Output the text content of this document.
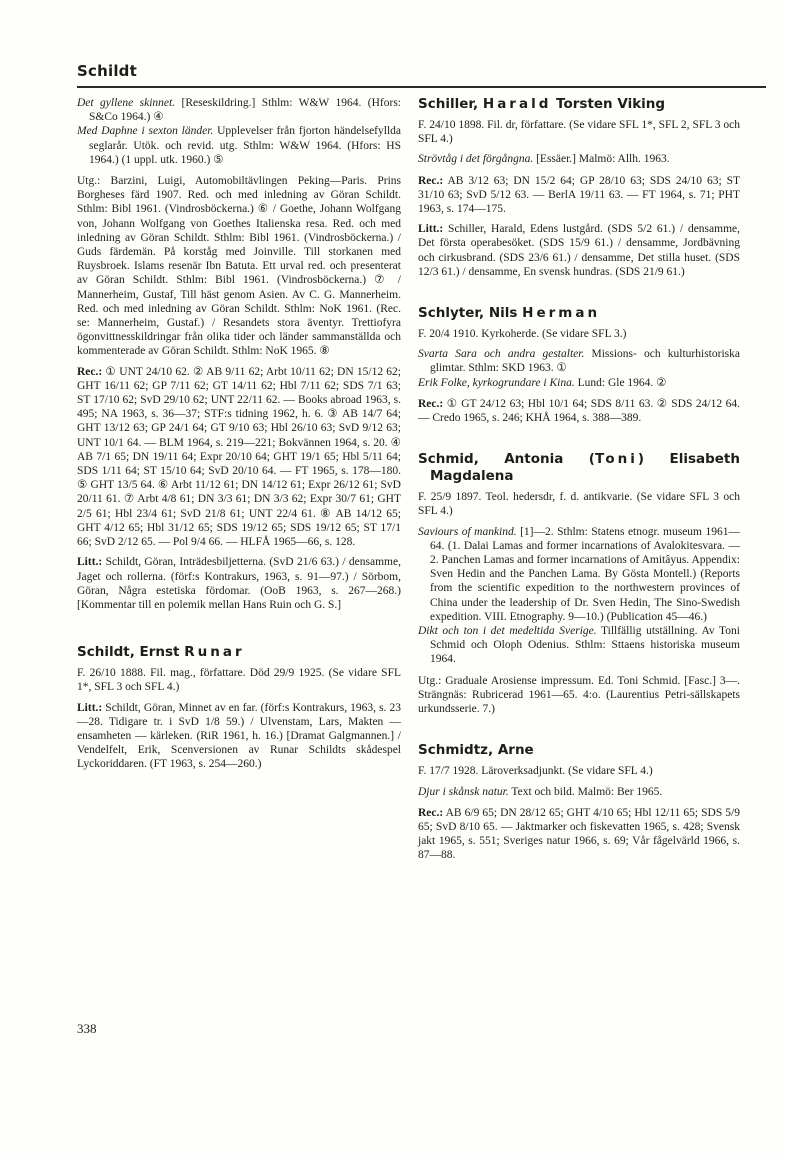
Schildt

Det gyllene skinnet. [Reseskildring.] Sthlm: W&W 1964. (Hfors: S&Co 1964.) ④

Med Daphne i sexton länder. Upplevelser från fjorton händelsefyllda seglarår. Utök. och revid. utg. Sthlm: W&W 1964. (Hfors: HS 1964.) (1 uppl. utk. 1960.) ⑤

Utg.: Barzini, Luigi, Automobiltävlingen Peking—Paris. Prins Borgheses färd 1907. Red. och med inledning av Göran Schildt. Sthlm: Bibl 1961. (Vindrosböckerna.) ⑥ / Goethe, Johann Wolfgang von, Johann Wolfgang von Goethes Italienska resa. Red. och med inledning av Göran Schildt. Sthlm: Bibl 1961. (Vindrosböckerna.) / Guds färdemän. På korståg med Joinville. Till storkanen med Ruysbroek. Islams resenär Ibn Batuta. Ett urval red. och presenterat av Göran Schildt. Sthlm: Bibl 1961. (Vindrosböckerna.) ⑦ / Mannerheim, Gustaf, Till häst genom Asien. Av C. G. Mannerheim. Red. och med inledning av Göran Schildt. Sthlm: NoK 1961. (Rec. se: Mannerheim, Gustaf.) / Resandets stora äventyr. Trettiofyra ögonvittnesskildringar från olika tider och länder sammanställda och kommenterade av Göran Schildt. Sthlm: NoK 1965. ⑧

Rec.: ① UNT 24/10 62. ② AB 9/11 62; Arbt 10/11 62; DN 15/12 62; GHT 16/11 62; GP 7/11 62; GT 14/11 62; Hbl 7/11 62; SDS 7/1 63; ST 17/10 62; SvD 29/10 62; UNT 22/11 62. — Books abroad 1963, s. 495; NA 1963, s. 36—37; STF:s tidning 1962, h. 6. ③ AB 14/7 64; GHT 13/12 63; GP 24/1 64; GT 9/10 63; Hbl 26/10 63; SvD 9/12 63; UNT 10/1 64. — BLM 1964, s. 219—221; Bokvännen 1964, s. 20. ④ AB 7/1 65; DN 19/11 64; Expr 20/10 64; GHT 19/1 65; Hbl 5/11 64; SDS 1/11 64; ST 15/10 64; SvD 20/10 64. — FT 1965, s. 178—180. ⑤ GHT 13/5 64. ⑥ Arbt 11/12 61; DN 14/12 61; Expr 26/12 61; SvD 20/11 61. ⑦ Arbt 4/8 61; DN 3/3 61; DN 3/3 62; Expr 30/7 61; GHT 2/5 61; Hbl 23/4 61; SvD 21/8 61; UNT 22/4 61. ⑧ AB 14/12 65; GHT 4/12 65; Hbl 31/12 65; SDS 19/12 65; SDS 19/12 65; ST 17/1 66; SvD 2/12 65. — Pol 9/4 66. — HLFÅ 1965—66, s. 128.

Litt.: Schildt, Göran, Inträdesbiljetterna. (SvD 21/6 63.) / densamme, Jaget och rollerna. (förf:s Kontrakurs, 1963, s. 91—97.) / Sörbom, Göran, Några estetiska fördomar. (OoB 1963, s. 267—268.) [Kommentar till en polemik mellan Hans Ruin och G. S.]

Schildt, Ernst Runar

F. 26/10 1888. Fil. mag., författare. Död 29/9 1925. (Se vidare SFL 1*, SFL 3 och SFL 4.)

Litt.: Schildt, Göran, Minnet av en far. (förf:s Kontrakurs, 1963, s. 23—28. Tidigare tr. i SvD 1/8 59.) / Ulvenstam, Lars, Makten — ensamheten — kärleken. (RiR 1961, h. 16.) [Dramat Galgmannen.] / Vendelfelt, Erik, Scenversionen av Runar Schildts skådespel Lyckoriddaren. (FT 1963, s. 254—260.)

Schiller, Harald Torsten Viking

F. 24/10 1898. Fil. dr, författare. (Se vidare SFL 1*, SFL 2, SFL 3 och SFL 4.)

Strövtåg i det förgångna. [Essäer.] Malmö: Allh. 1963.

Rec.: AB 3/12 63; DN 15/2 64; GP 28/10 63; SDS 24/10 63; ST 31/10 63; SvD 5/12 63. — BerlA 19/11 63. — FT 1964, s. 71; PHT 1963, s. 174—175.

Litt.: Schiller, Harald, Edens lustgård. (SDS 5/2 61.) / densamme, Det första operabesöket. (SDS 15/9 61.) / densamme, Jordbävning och cirkusbrand. (SDS 23/6 61.) / densamme, Det stilla huset. (SDS 12/3 61.) / densamme, En svensk hundras. (SDS 21/9 61.)

Schlyter, Nils Herman

F. 20/4 1910. Kyrkoherde. (Se vidare SFL 3.)

Svarta Sara och andra gestalter. Missions- och kulturhistoriska glimtar. Sthlm: SKD 1963. ①

Erik Folke, kyrkogrundare i Kina. Lund: Gle 1964. ②

Rec.: ① GT 24/12 63; Hbl 10/1 64; SDS 8/11 63. ② SDS 24/12 64. — Credo 1965, s. 246; KHÅ 1964, s. 388—389.

Schmid, Antonia (Toni) Elisabeth Magdalena

F. 25/9 1897. Teol. hedersdr, f. d. antikvarie. (Se vidare SFL 3 och SFL 4.)

Saviours of mankind. [1]—2. Sthlm: Statens etnogr. museum 1961—64. (1. Dalai Lamas and former incarnations of Avalokitesvara. — 2. Panchen Lamas and former incarnations of Amitâyus. Appendix: Sven Hedin and the Panchen Lama. By Gösta Montell.) (Reports from the scientific expedition to the northwestern provinces of China under the leadership of Dr. Sven Hedin, The Sino-Swedish expedition. VIII. Etnography. 9—10.) (Publication 45—46.)

Dikt och ton i det medeltida Sverige. Tillfällig utställning. Av Toni Schmid och Oloph Odenius. Sthlm: Sttaens historiska museum 1964.

Utg.: Graduale Arosiense impressum. Ed. Toni Schmid. [Fasc.] 3—. Strängnäs: Rubricerad 1961—65. 4:o. (Laurentius Petri-sällskapets urkundsserie. 7.)

Schmidtz, Arne

F. 17/7 1928. Läroverksadjunkt. (Se vidare SFL 4.)

Djur i skånsk natur. Text och bild. Malmö: Ber 1965.

Rec.: AB 6/9 65; DN 28/12 65; GHT 4/10 65; Hbl 12/11 65; SDS 5/9 65; SvD 8/10 65. — Jaktmarker och fiskevatten 1965, s. 428; Svensk jakt 1965, s. 551; Sveriges natur 1966, s. 69; Vår fågelvärld 1966, s. 87—88.

338
